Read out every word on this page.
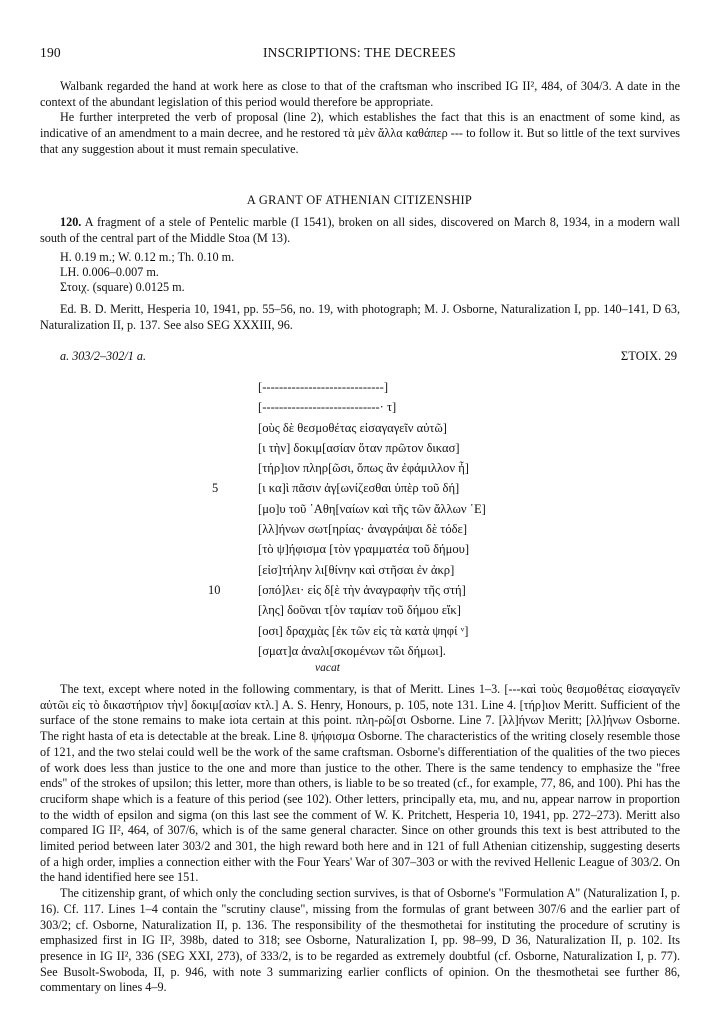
190	INSCRIPTIONS: THE DECREES

Walbank regarded the hand at work here as close to that of the craftsman who inscribed IG II², 484, of 304/3. A date in the context of the abundant legislation of this period would therefore be appropriate.

He further interpreted the verb of proposal (line 2), which establishes the fact that this is an enactment of some kind, as indicative of an amendment to a main decree, and he restored τὰ μὲν ἄλλα καθάπερ --- to follow it. But so little of the text survives that any suggestion about it must remain speculative.

A GRANT OF ATHENIAN CITIZENSHIP

120. A fragment of a stele of Pentelic marble (I 1541), broken on all sides, discovered on March 8, 1934, in a modern wall south of the central part of the Middle Stoa (M 13).

H. 0.19 m.; W. 0.12 m.; Th. 0.10 m.
LH. 0.006–0.007 m.
Στοιχ. (square) 0.0125 m.

Ed. B. D. Meritt, Hesperia 10, 1941, pp. 55–56, no. 19, with photograph; M. J. Osborne, Naturalization I, pp. 140–141, D 63, Naturalization II, p. 137. See also SEG XXXIII, 96.

a. 303/2–302/1 a.	ΣΤΟΙΧ. 29
[-----------------------------]
[----------------------------· τ]
[οὺς δὲ θεσμοθέτας εἰσαγαγεῖν αὐτῶ]
[ι τὴν] δοκιμ[ασίαν ὅταν πρῶτον δικασ]
[τήρ]ιον πληρ[ῶσι, ὅπως ἂν ἐφάμιλλον ἦ]
5	[ι κα]ὶ πᾶσιν ἀγ[ωνίζεσθαι ὑπὲρ τοῦ δή]
[μο]υ τοῦ ᾿Αθη[ναίων καὶ τῆς τῶν ἄλλων ῾Ε]
[λλ]ήνων σωτ[ηρίας· ἀναγράψαι δὲ τόδε]
[τὸ ψ]ήφισμα [τὸν γραμματέα τοῦ δήμου]
[εἰσ]τήλην λι[θίνην καὶ στῆσαι ἐν ἀκρ]
10	[οπό]λει· εἰς δ[ὲ τὴν ἀναγραφὴν τῆς στή]
[λης] δοῦναι τ[ὸν ταμίαν τοῦ δήμου εἴκ]
[οσι] δραχμὰς [ἐκ τῶν εἰς τὰ κατὰ ψηφί ᵛ]
[σματ]α ἀναλι[σκομένων τῶι δήμωι].
vacat

The text, except where noted in the following commentary, is that of Meritt. Lines 1–3. [---καὶ τοὺς θεσμοθέτας εἰσαγαγεῖν αὐτῶι εἰς τὸ δικαστήριον τὴν] δοκιμ[ασίαν κτλ.] A. S. Henry, Honours, p. 105, note 131. Line 4. [τήρ]ιον Meritt. Sufficient of the surface of the stone remains to make iota certain at this point. πλη-ρῶ[σι Osborne. Line 7. [λλ]ήνων Meritt; [λλ]ήνων Osborne. The right hasta of eta is detectable at the break. Line 8. ψήφισμα Osborne. The characteristics of the writing closely resemble those of 121, and the two stelai could well be the work of the same craftsman. Osborne's differentiation of the qualities of the two pieces of work does less than justice to the one and more than justice to the other. There is the same tendency to emphasize the "free ends" of the strokes of upsilon; this letter, more than others, is liable to be so treated (cf., for example, 77, 86, and 100). Phi has the cruciform shape which is a feature of this period (see 102). Other letters, principally eta, mu, and nu, appear narrow in proportion to the width of epsilon and sigma (on this last see the comment of W. K. Pritchett, Hesperia 10, 1941, pp. 272–273). Meritt also compared IG II², 464, of 307/6, which is of the same general character. Since on other grounds this text is best attributed to the limited period between later 303/2 and 301, the high reward both here and in 121 of full Athenian citizenship, suggesting deserts of a high order, implies a connection either with the Four Years' War of 307–303 or with the revived Hellenic League of 303/2. On the hand identified here see 151.

The citizenship grant, of which only the concluding section survives, is that of Osborne's "Formulation A" (Naturalization I, p. 16). Cf. 117. Lines 1–4 contain the "scrutiny clause", missing from the formulas of grant between 307/6 and the earlier part of 303/2; cf. Osborne, Naturalization II, p. 136. The responsibility of the thesmothetai for instituting the procedure of scrutiny is emphasized first in IG II², 398b, dated to 318; see Osborne, Naturalization I, pp. 98–99, D 36, Naturalization II, p. 102. Its presence in IG II², 336 (SEG XXI, 273), of 333/2, is to be regarded as extremely doubtful (cf. Osborne, Naturalization I, p. 77). See Busolt-Swoboda, II, p. 946, with note 3 summarizing earlier conflicts of opinion. On the thesmothetai see further 86, commentary on lines 4–9.
